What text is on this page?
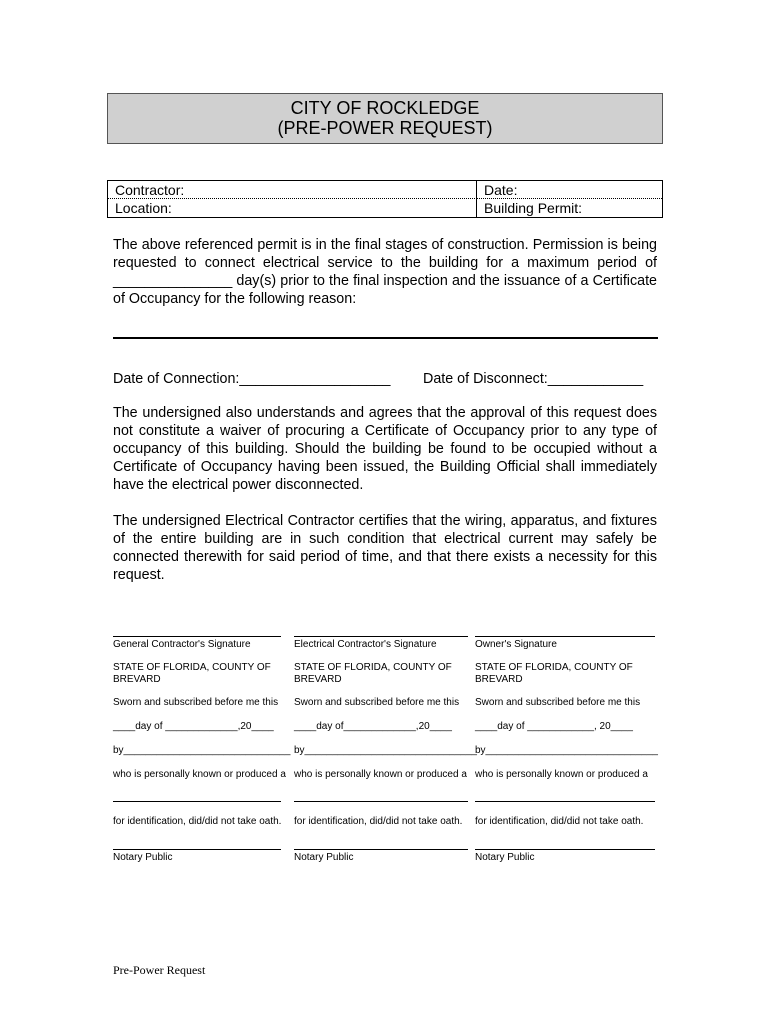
CITY OF ROCKLEDGE
(PRE-POWER REQUEST)
Contractor:	Date:
Location:	Building Permit:

The above referenced permit is in the final stages of construction. Permission is being requested to connect electrical service to the building for a maximum period of _______________ day(s) prior to the final inspection and the issuance of a Certificate of Occupancy for the following reason:

Date of Connection:___________________ Date of Disconnect:____________

The undersigned also understands and agrees that the approval of this request does not constitute a waiver of procuring a Certificate of Occupancy prior to any type of occupancy of this building. Should the building be found to be occupied without a Certificate of Occupancy having been issued, the Building Official shall immediately have the electrical power disconnected.

The undersigned Electrical Contractor certifies that the wiring, apparatus, and fixtures of the entire building are in such condition that electrical current may safely be connected therewith for said period of time, and that there exists a necessity for this request.

General Contractor's Signature
STATE OF FLORIDA, COUNTY OF BREVARD
Sworn and subscribed before me this
____day of _____________,20____
by______________________________
who is personally known or produced a
for identification, did/did not take oath.
Notary Public
Electrical Contractor's Signature
STATE OF FLORIDA, COUNTY OF BREVARD
Sworn and subscribed before me this
____day of_____________,20____
by_______________________________
who is personally known or produced a
for identification, did/did not take oath.
Notary Public
Owner's Signature
STATE OF FLORIDA, COUNTY OF BREVARD
Sworn and subscribed before me this
____day of ____________, 20____
by_______________________________
who is personally known or produced a
for identification, did/did not take oath.
Notary Public
Pre-Power Request
